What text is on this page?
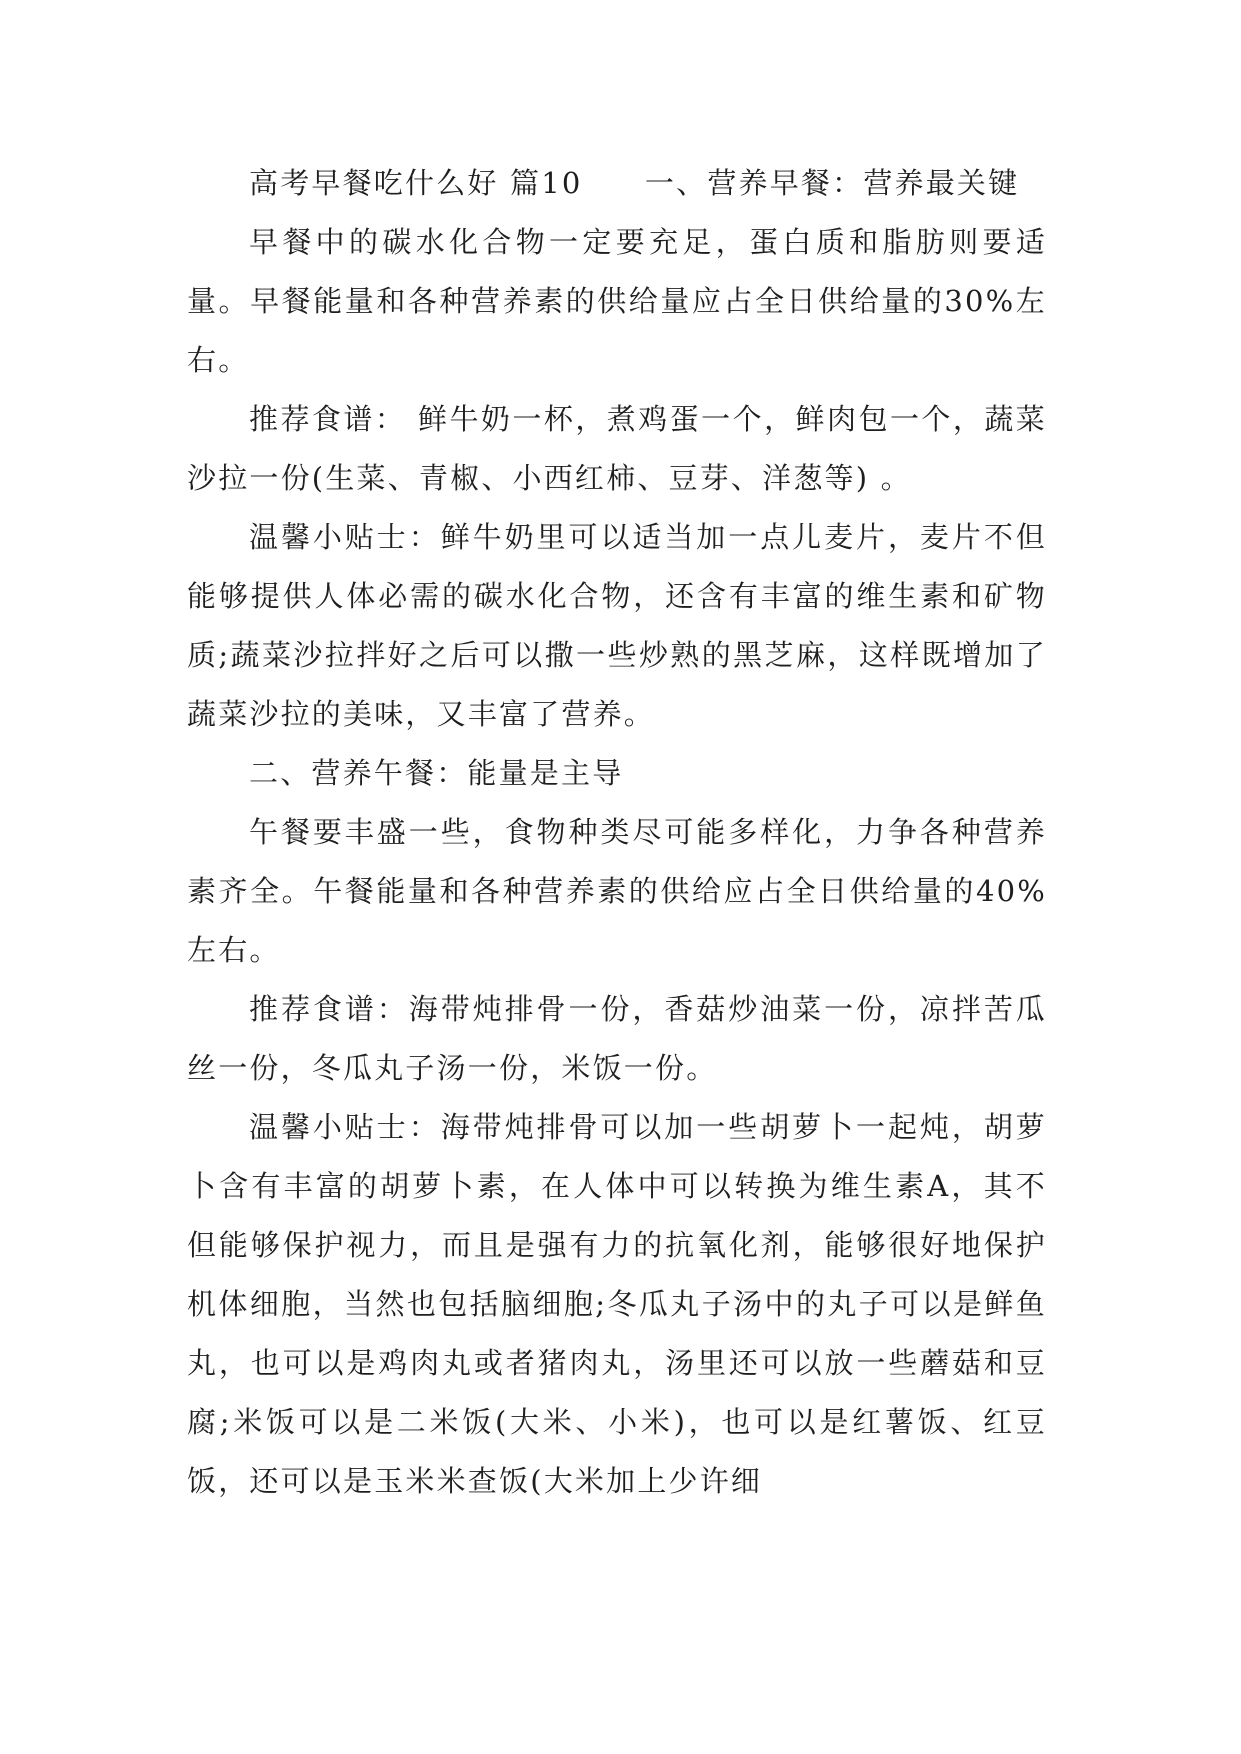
高考早餐吃什么好 篇10　　一、营养早餐：营养最关键

早餐中的碳水化合物一定要充足，蛋白质和脂肪则要适量。早餐能量和各种营养素的供给量应占全日供给量的30%左右。

推荐食谱： 鲜牛奶一杯，煮鸡蛋一个，鲜肉包一个，蔬菜沙拉一份(生菜、青椒、小西红柿、豆芽、洋葱等) 。

温馨小贴士：鲜牛奶里可以适当加一点儿麦片，麦片不但能够提供人体必需的碳水化合物，还含有丰富的维生素和矿物质;蔬菜沙拉拌好之后可以撒一些炒熟的黑芝麻，这样既增加了蔬菜沙拉的美味，又丰富了营养。

二、营养午餐：能量是主导

午餐要丰盛一些，食物种类尽可能多样化，力争各种营养素齐全。午餐能量和各种营养素的供给应占全日供给量的40%左右。

推荐食谱：海带炖排骨一份，香菇炒油菜一份，凉拌苦瓜丝一份，冬瓜丸子汤一份，米饭一份。

温馨小贴士：海带炖排骨可以加一些胡萝卜一起炖，胡萝卜含有丰富的胡萝卜素，在人体中可以转换为维生素A，其不但能够保护视力，而且是强有力的抗氧化剂，能够很好地保护机体细胞，当然也包括脑细胞;冬瓜丸子汤中的丸子可以是鲜鱼丸，也可以是鸡肉丸或者猪肉丸，汤里还可以放一些蘑菇和豆腐;米饭可以是二米饭(大米、小米)，也可以是红薯饭、红豆饭，还可以是玉米米查饭(大米加上少许细
